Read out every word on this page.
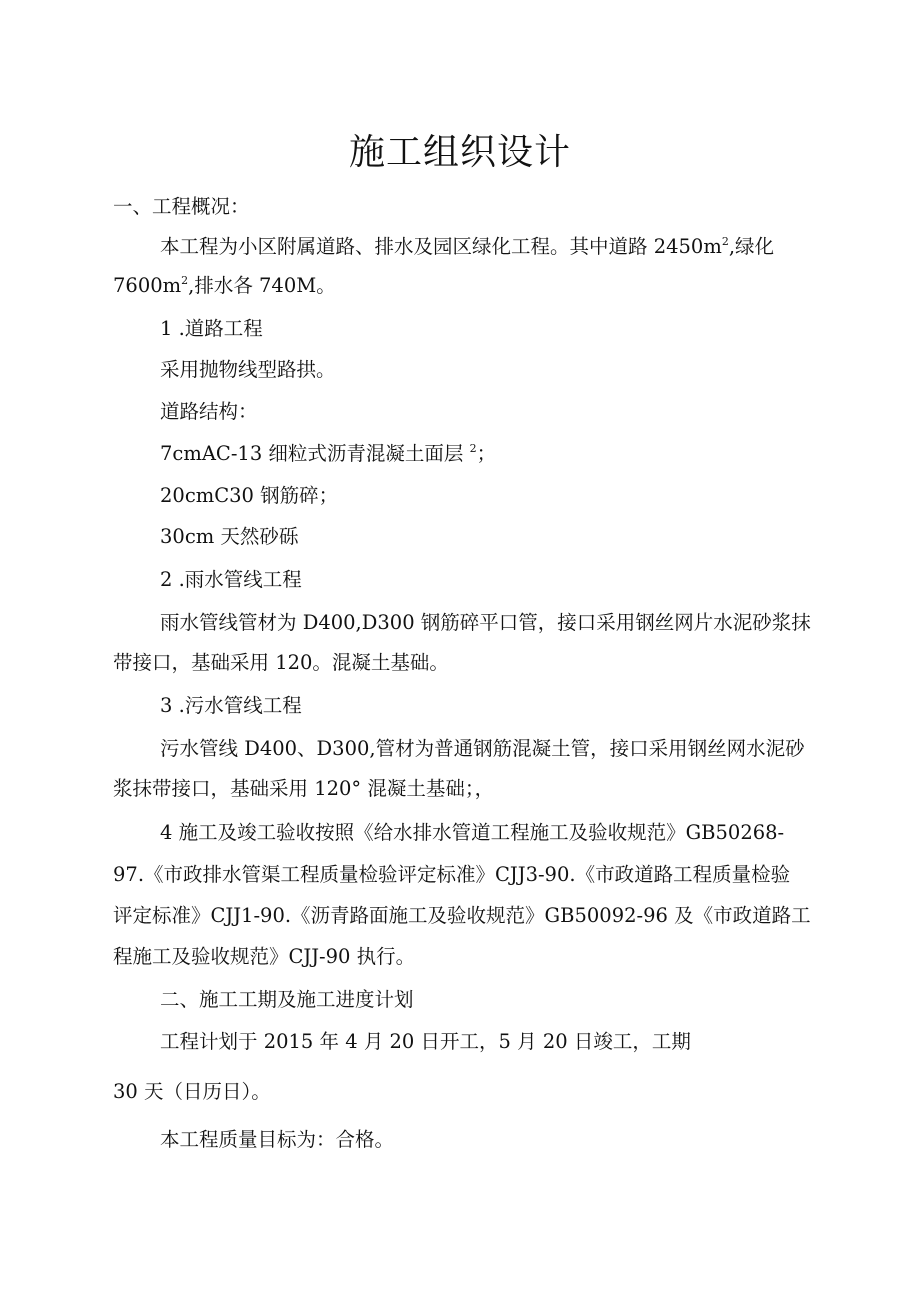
施工组织设计
一、工程概况：
本工程为小区附属道路、排水及园区绿化工程。其中道路 $2450m^2$,绿化
$7600m^2$,排水各 740M。
1 .道路工程
采用抛物线型路拱。
道路结构：
7cmAC-13 细粒式沥青混凝土面层 $^2$；
20cmC30 钢筋碎；
30cm 天然砂砾
2 .雨水管线工程
雨水管线管材为 D400,D300 钢筋碎平口管，接口采用钢丝网片水泥砂浆抹
带接口，基础采用 120。混凝土基础。
3 .污水管线工程
污水管线 D400、D300,管材为普通钢筋混凝土管，接口采用钢丝网水泥砂
浆抹带接口，基础采用 120° 混凝土基础；，
4 施工及竣工验收按照《给水排水管道工程施工及验收规范》GB50268-
97.《市政排水管渠工程质量检验评定标准》CJJ3-90.《市政道路工程质量检验
评定标准》CJJ1-90.《沥青路面施工及验收规范》GB50092-96 及《市政道路工
程施工及验收规范》CJJ-90 执行。
二、施工工期及施工进度计划
工程计划于 2015 年 4 月 20 日开工，5 月 20 日竣工，工期
30 天（日历日）。
本工程质量目标为：合格。
